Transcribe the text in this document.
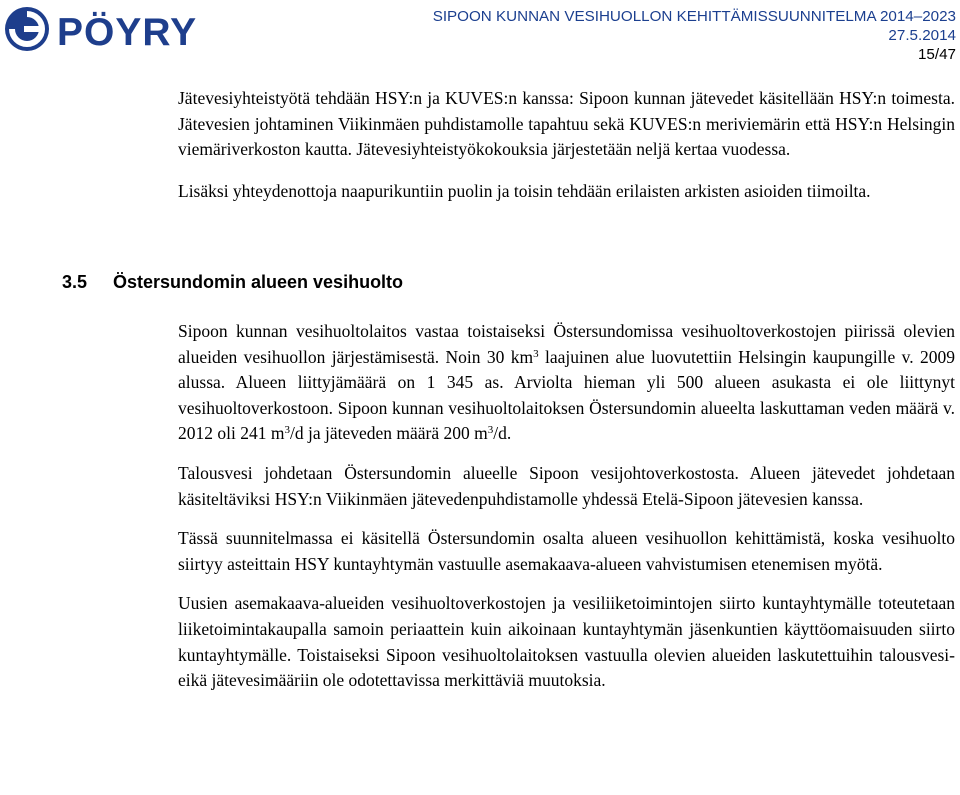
PÖYRY	SIPOON KUNNAN VESIHUOLLON KEHITTÄMISSUUNNITELMA 2014–2023
27.5.2014
15/47

Jätevesiyhteistyötä tehdään HSY:n ja KUVES:n kanssa: Sipoon kunnan jätevedet käsitellään HSY:n toimesta. Jätevesien johtaminen Viikinmäen puhdistamolle tapahtuu sekä KUVES:n meriviemärin että HSY:n Helsingin viemäriverkoston kautta. Jätevesiyhteistyökokouksia järjestetään neljä kertaa vuodessa.

Lisäksi yhteydenottoja naapurikuntiin puolin ja toisin tehdään erilaisten arkisten asioiden tiimoilta.

3.5 Östersundomin alueen vesihuolto

Sipoon kunnan vesihuoltolaitos vastaa toistaiseksi Östersundomissa vesihuoltoverkostojen piirissä olevien alueiden vesihuollon järjestämisestä. Noin 30 $km^3$ laajuinen alue luovutettiin Helsingin kaupungille v. 2009 alussa. Alueen liittyjämäärä on 1 345 as. Arviolta hieman yli 500 alueen asukasta ei ole liittynyt vesihuoltoverkostoon. Sipoon kunnan vesihuoltolaitoksen Östersundomin alueelta laskuttaman veden määrä v. 2012 oli 241 $m^3/d$ ja jäteveden määrä 200 $m^3/d$.

Talousvesi johdetaan Östersundomin alueelle Sipoon vesijohtoverkostosta. Alueen jätevedet johdetaan käsiteltäviksi HSY:n Viikinmäen jätevedenpuhdistamolle yhdessä Etelä-Sipoon jätevesien kanssa.

Tässä suunnitelmassa ei käsitellä Östersundomin osalta alueen vesihuollon kehittämistä, koska vesihuolto siirtyy asteittain HSY kuntayhtymän vastuulle asemakaava-alueen vahvistumisen etenemisen myötä.

Uusien asemakaava-alueiden vesihuoltoverkostojen ja vesiliiketoimintojen siirto kuntayhtymälle toteutetaan liiketoimintakaupalla samoin periaattein kuin aikoinaan kuntayhtymän jäsenkuntien käyttöomaisuuden siirto kuntayhtymälle. Toistaiseksi Sipoon vesihuoltolaitoksen vastuulla olevien alueiden laskutettuihin talousvesi- eikä jätevesimääriin ole odotettavissa merkittäviä muutoksia.
